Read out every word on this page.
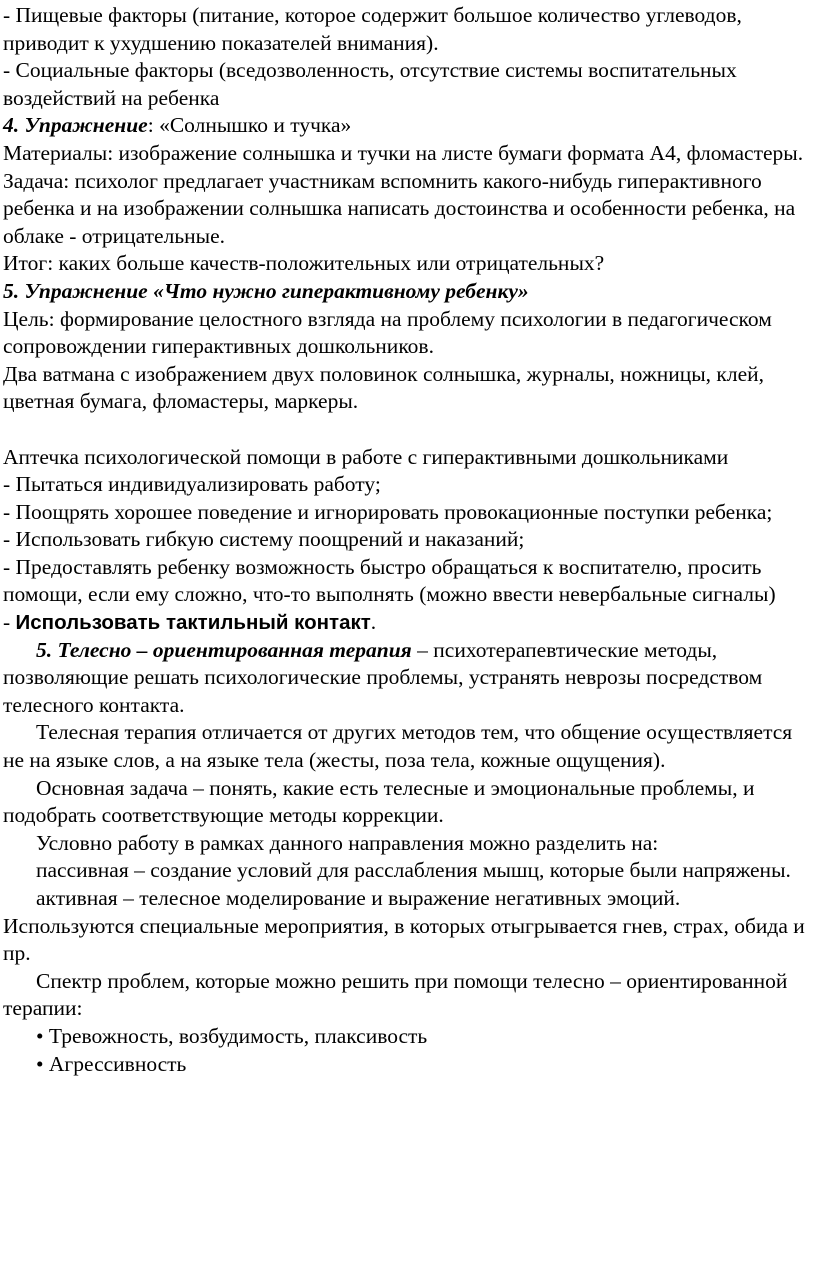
- Пищевые факторы (питание, которое содержит большое количество углеводов, приводит к ухудшению показателей внимания).

- Социальные факторы (вседозволенность, отсутствие системы воспитательных воздействий на ребенка

4. Упражнение: «Солнышко и тучка»

Материалы: изображение солнышка и тучки на листе бумаги формата А4, фломастеры.

Задача: психолог предлагает участникам вспомнить какого-нибудь гиперактивного ребенка и на изображении солнышка написать достоинства и особенности ребенка, на облаке - отрицательные.

Итог: каких больше качеств-положительных или отрицательных?

5. Упражнение «Что нужно гиперактивному ребенку»

Цель: формирование целостного взгляда на проблему психологии в педагогическом сопровождении гиперактивных дошкольников.

Два ватмана с изображением двух половинок солнышка, журналы, ножницы, клей, цветная бумага, фломастеры, маркеры.

Аптечка психологической помощи в работе с гиперактивными дошкольниками

- Пытаться индивидуализировать работу;

- Поощрять хорошее поведение и игнорировать провокационные поступки ребенка;

- Использовать гибкую систему поощрений и наказаний;

- Предоставлять ребенку возможность быстро обращаться к воспитателю, просить помощи, если ему сложно, что-то выполнять (можно ввести невербальные сигналы)

- Использовать тактильный контакт.

5. Телесно – ориентированная терапия – психотерапевтические методы, позволяющие решать психологические проблемы, устранять неврозы посредством телесного контакта.

Телесная терапия отличается от других методов тем, что общение осуществляется не на языке слов, а на языке тела (жесты, поза тела, кожные ощущения).

Основная задача – понять, какие есть телесные и эмоциональные проблемы, и подобрать соответствующие методы коррекции.

Условно работу в рамках данного направления можно разделить на:

пассивная – создание условий для расслабления мышц, которые были напряжены.

активная – телесное моделирование и выражение негативных эмоций. Используются специальные мероприятия, в которых отыгрывается гнев, страх, обида и пр.

Спектр проблем, которые можно решить при помощи телесно – ориентированной терапии:

• Тревожность, возбудимость, плаксивость

• Агрессивность
